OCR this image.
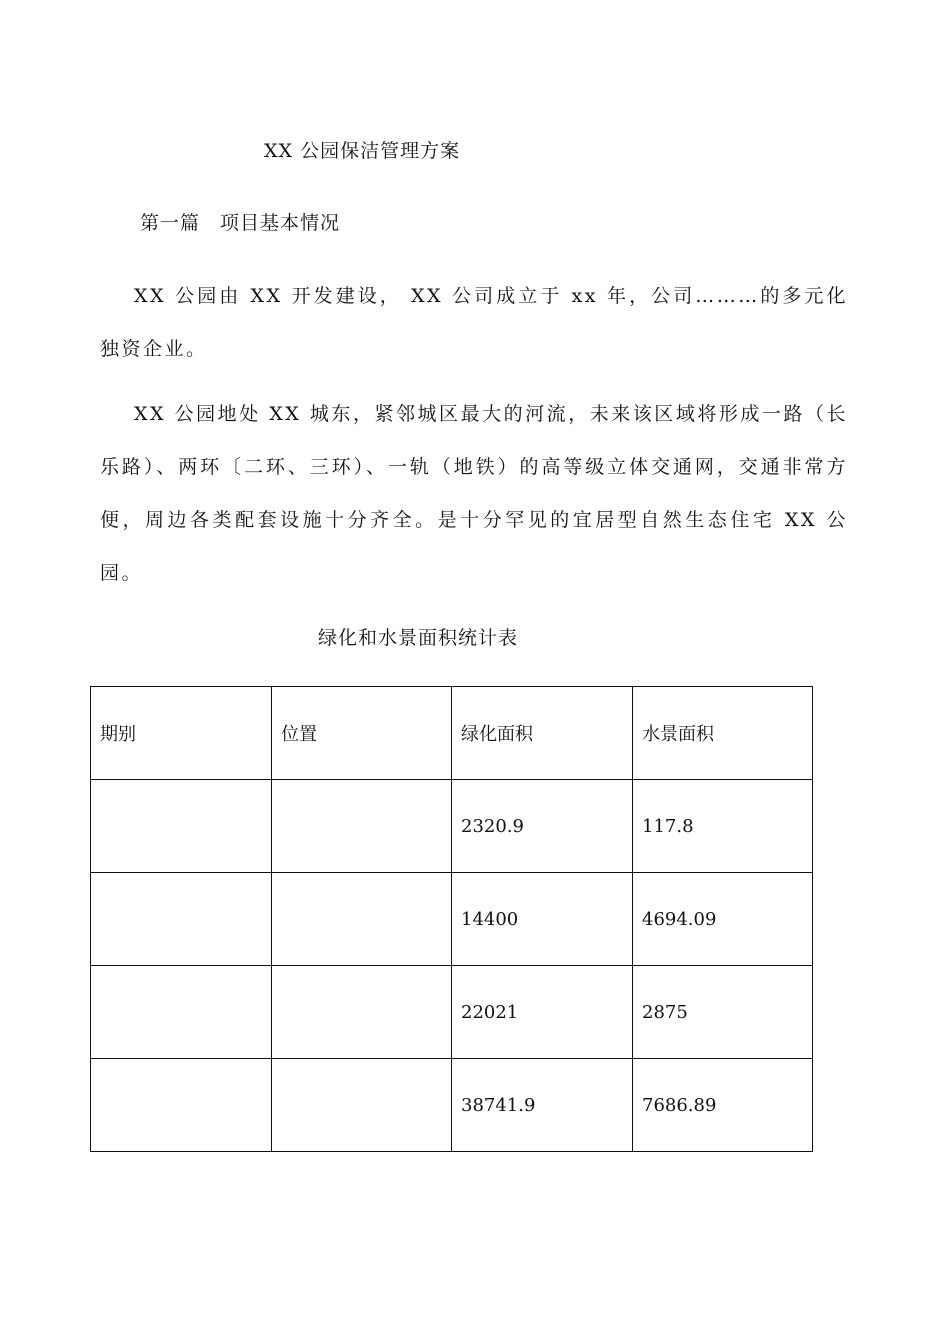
XX 公园保洁管理方案
第一篇　项目基本情况

XX 公园由 XX 开发建设， XX 公司成立于 xx 年，公司………的多元化独资企业。

XX 公园地处 XX 城东，紧邻城区最大的河流，未来该区域将形成一路（长乐路）、两环〔二环、三环）、一轨（地铁）的高等级立体交通网，交通非常方便，周边各类配套设施十分齐全。是十分罕见的宜居型自然生态住宅 XX 公园。

绿化和水景面积统计表
期别	位置	绿化面积	水景面积
		2320.9	117.8
		14400	4694.09
		22021	2875
		38741.9	7686.89
